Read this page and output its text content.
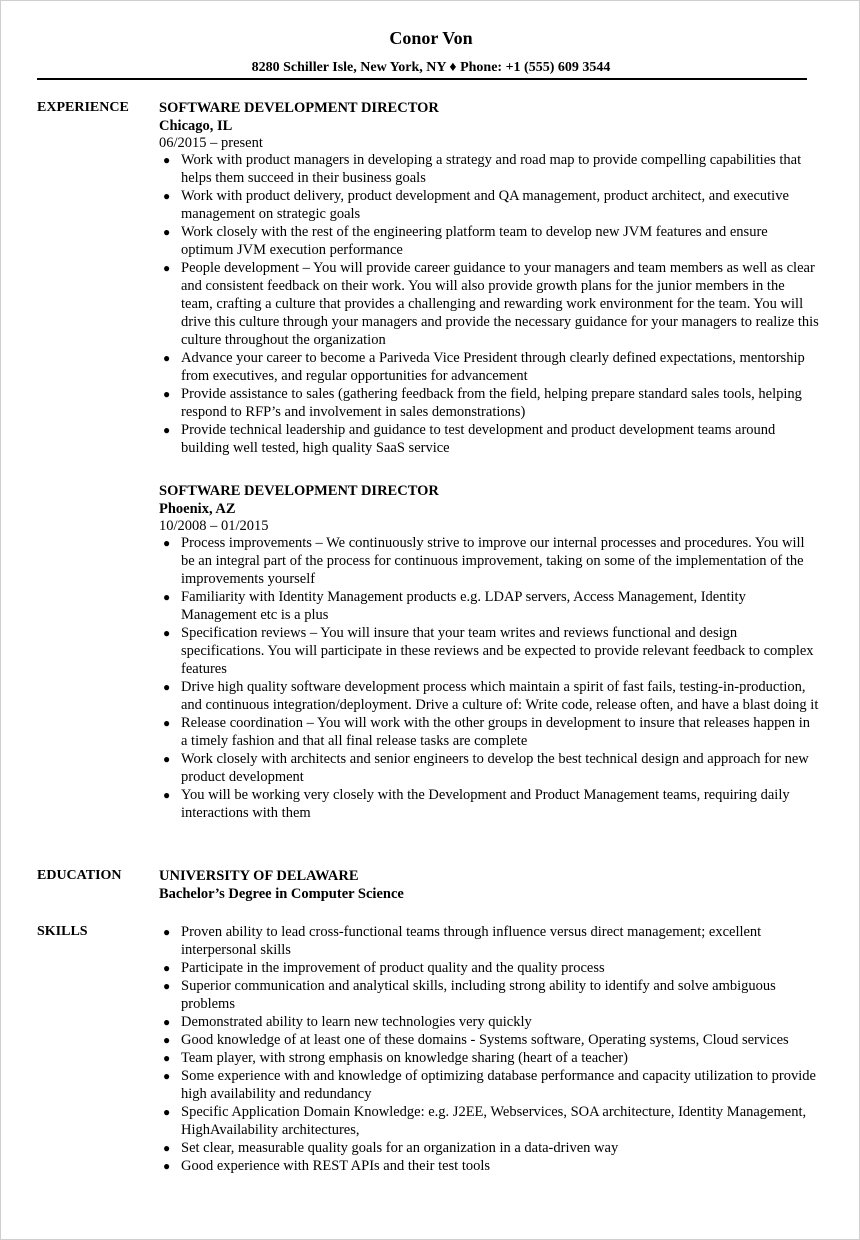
Conor Von
8280 Schiller Isle, New York, NY ♦ Phone: +1 (555) 609 3544
EXPERIENCE SOFTWARE DEVELOPMENT DIRECTOR
Chicago, IL
06/2015 – present
● Work with product managers in developing a strategy and road map to provide compelling capabilities that helps them succeed in their business goals
● Work with product delivery, product development and QA management, product architect, and executive management on strategic goals
● Work closely with the rest of the engineering platform team to develop new JVM features and ensure optimum JVM execution performance
● People development – You will provide career guidance to your managers and team members as well as clear and consistent feedback on their work. You will also provide growth plans for the junior members in the team, crafting a culture that provides a challenging and rewarding work environment for the team. You will drive this culture through your managers and provide the necessary guidance for your managers to realize this culture throughout the organization
● Advance your career to become a Pariveda Vice President through clearly defined expectations, mentorship from executives, and regular opportunities for advancement
● Provide assistance to sales (gathering feedback from the field, helping prepare standard sales tools, helping respond to RFP’s and involvement in sales demonstrations)
● Provide technical leadership and guidance to test development and product development teams around building well tested, high quality SaaS service
SOFTWARE DEVELOPMENT DIRECTOR
Phoenix, AZ
10/2008 – 01/2015
● Process improvements – We continuously strive to improve our internal processes and procedures. You will be an integral part of the process for continuous improvement, taking on some of the implementation of the improvements yourself
● Familiarity with Identity Management products e.g. LDAP servers, Access Management, Identity Management etc is a plus
● Specification reviews – You will insure that your team writes and reviews functional and design specifications. You will participate in these reviews and be expected to provide relevant feedback to complex features
● Drive high quality software development process which maintain a spirit of fast fails, testing-in-production, and continuous integration/deployment. Drive a culture of: Write code, release often, and have a blast doing it
● Release coordination – You will work with the other groups in development to insure that releases happen in a timely fashion and that all final release tasks are complete
● Work closely with architects and senior engineers to develop the best technical design and approach for new product development
● You will be working very closely with the Development and Product Management teams, requiring daily interactions with them
EDUCATION	UNIVERSITY OF DELAWARE
Bachelor’s Degree in Computer Science
SKILLS	● Proven ability to lead cross-functional teams through influence versus direct management; excellent interpersonal skills
● Participate in the improvement of product quality and the quality process
● Superior communication and analytical skills, including strong ability to identify and solve ambiguous problems
● Demonstrated ability to learn new technologies very quickly
● Good knowledge of at least one of these domains - Systems software, Operating systems, Cloud services
● Team player, with strong emphasis on knowledge sharing (heart of a teacher)
● Some experience with and knowledge of optimizing database performance and capacity utilization to provide high availability and redundancy
● Specific Application Domain Knowledge: e.g. J2EE, Webservices, SOA architecture, Identity Management, HighAvailability architectures,
● Set clear, measurable quality goals for an organization in a data-driven way
● Good experience with REST APIs and their test tools
